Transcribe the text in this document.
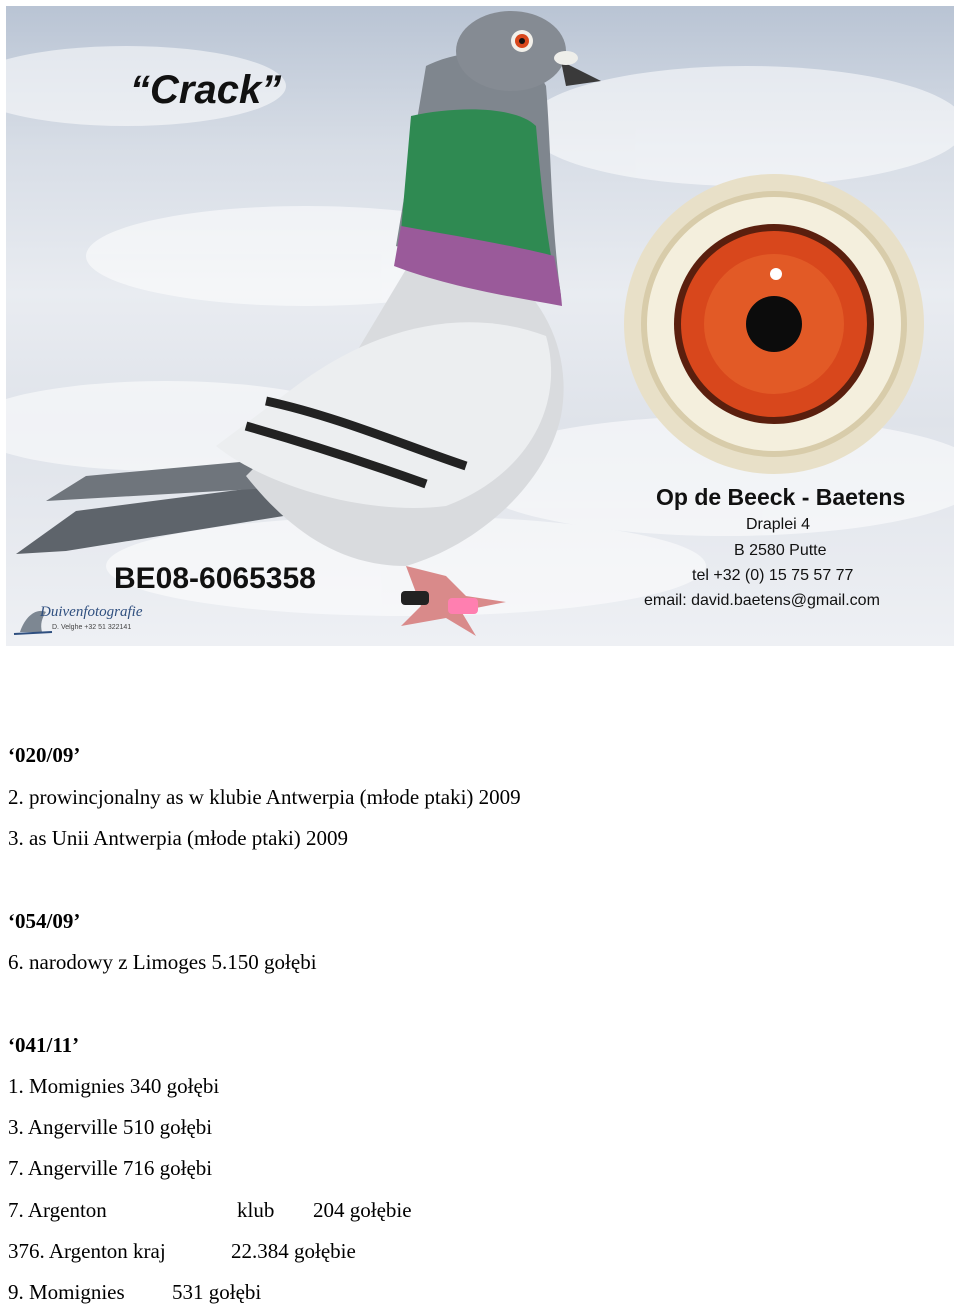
“Crack”
BE08-6065358
Op de Beeck - Baetens
Draplei 4
B 2580 Putte
tel +32 (0) 15 75 57 77
email: david.baetens@gmail.com
Duivenfotografie
D. Velghe +32 51 322141
‘020/09’
2. prowincjonalny as w klubie Antwerpia (młode ptaki) 2009
3. as Unii Antwerpia (młode ptaki) 2009
‘054/09’
6. narodowy z Limoges 5.150 gołębi
‘041/11’
1. Momignies 340 gołębi
3. Angerville 510 gołębi
7. Angerville 716 gołębi
7. Argenton	klub 204 gołębie
376. Argenton kraj	22.384 gołębie
9. Momignies 531 gołębi
